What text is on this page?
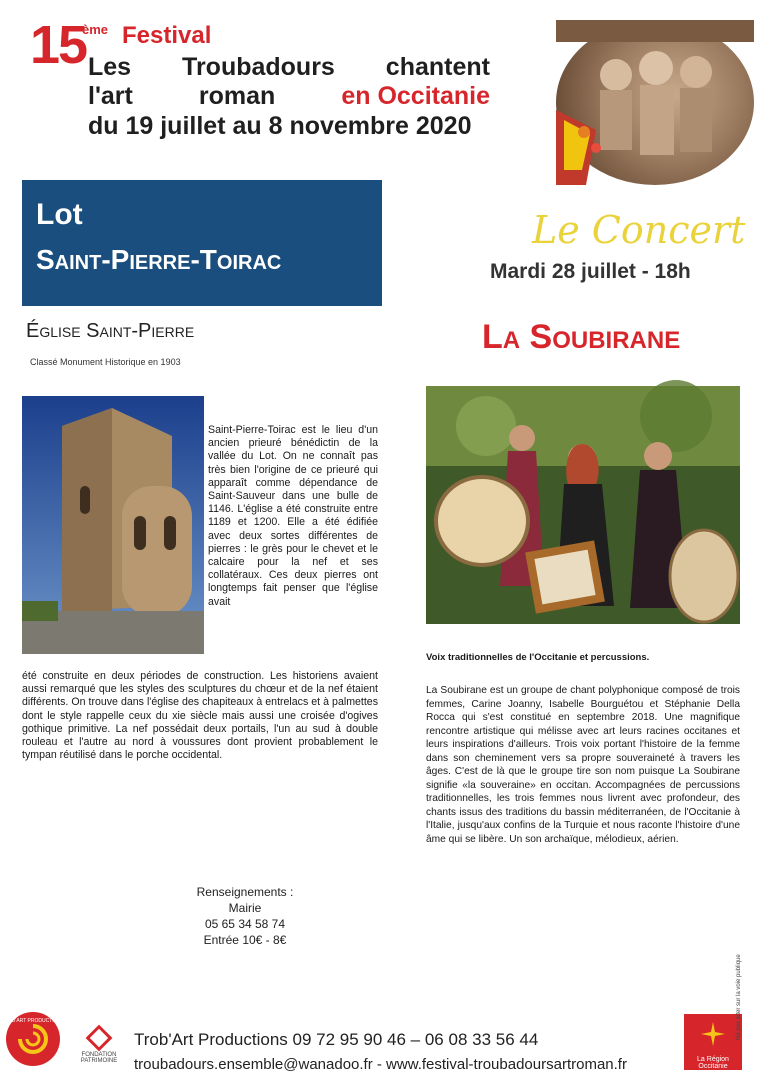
15
ème Festival
Les Troubadours chantent
l'art	roman	en Occitanie
du 19 juillet au 8 novembre 2020
Lot
Saint-Pierre-Toirac
Église Saint-Pierre
Classé Monument Historique en 1903
Saint-Pierre-Toirac est le lieu d'un ancien prieuré bénédictin de la vallée du Lot. On ne connaît pas très bien l'origine de ce prieuré qui apparaît comme dépendance de Saint-Sauveur dans une bulle de 1146. L'église a été construite entre 1189 et 1200. Elle a été édifiée avec deux sortes différentes de pierres : le grès pour le chevet et le calcaire pour la nef et ses collatéraux. Ces deux pierres ont longtemps fait penser que l'église avait

été construite en deux périodes de construction. Les historiens avaient aussi remarqué que les styles des sculptures du chœur et de la nef étaient différents. On trouve dans l'église des chapiteaux à entrelacs et à palmettes dont le style rappelle ceux du xie siècle mais aussi une croisée d'ogives gothique primitive. La nef possédait deux portails, l'un au sud à double rouleau et l'autre au nord à voussures dont provient probablement le tympan réutilisé dans le porche occidental.

Le Concert
Mardi 28 juillet - 18h
La Soubirane
Voix traditionnelles de l'Occitanie et percussions.

La Soubirane est un groupe de chant polyphonique composé de trois femmes, Carine Joanny, Isabelle Bourguétou et Stéphanie Della Rocca qui s'est constitué en septembre 2018. Une magnifique rencontre artistique qui mélisse avec art leurs racines occitanes et leurs inspirations d'ailleurs. Trois voix portant l'histoire de la femme dans son cheminement vers sa propre souveraineté à travers les âges. C'est de là que le groupe tire son nom puisque La Soubirane signifie «la souveraine» en occitan. Accompagnées de percussions traditionnelles, les trois femmes nous livrent avec profondeur, des chants issus des traditions du bassin méditerranéen, de l'Occitanie à l'Italie, jusqu'aux confins de la Turquie et nous raconte l'histoire d'une âme qui se libère. Un son archaïque, mélodieux, aérien.

Renseignements :
Mairie
05 65 34 58 74
Entrée 10€ - 8€
TROB'ART PRODUCTIONS
FONDATION PATRIMOINE
Trob'Art Productions 09 72 95 90 46 – 06 08 33 56 44
troubadours.ensemble@wanadoo.fr - www.festival-troubadoursartroman.fr	La Région Occitanie
Ne pas jeter sur la voie publique
